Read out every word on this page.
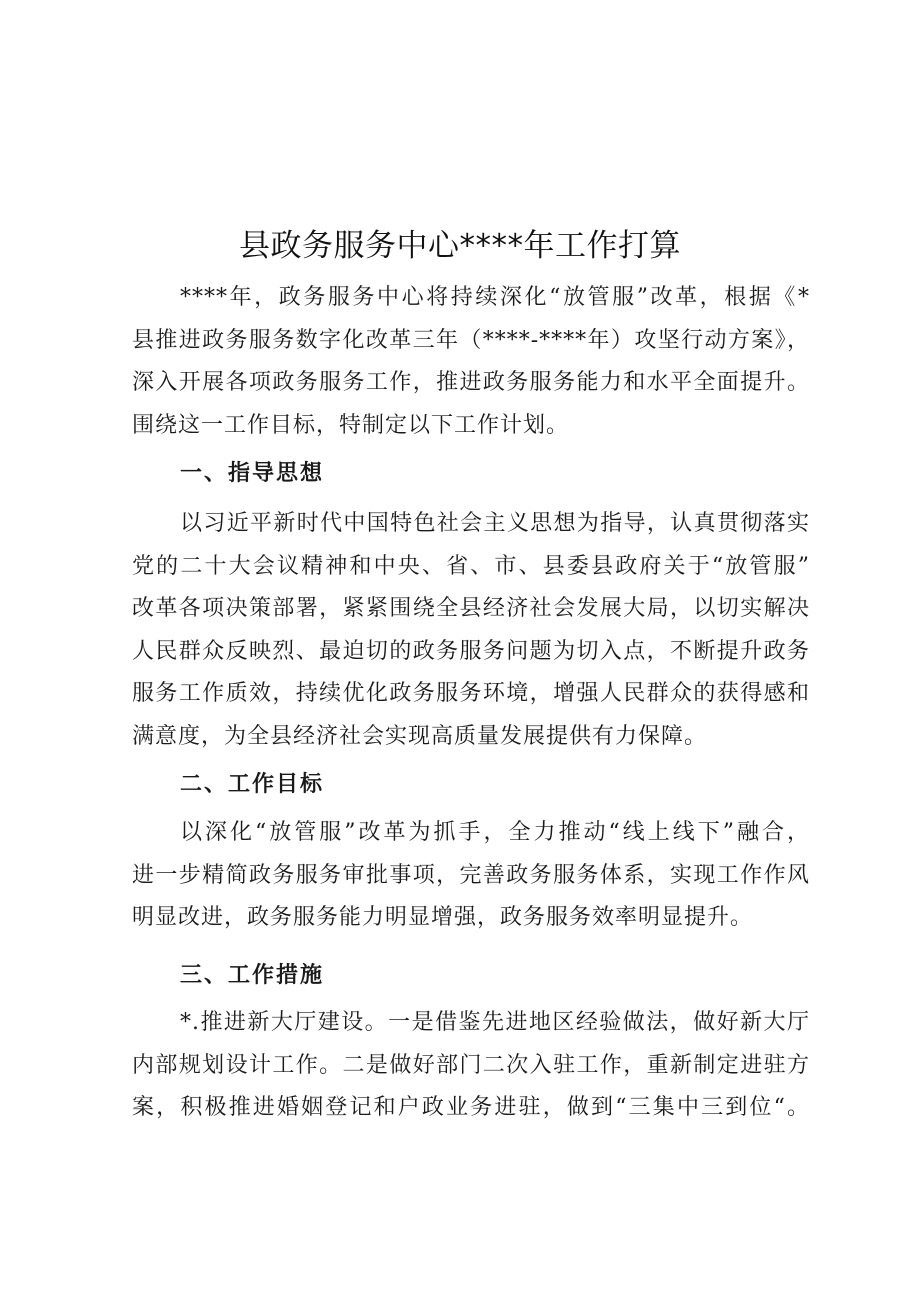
县政务服务中心****年工作打算

****年，政务服务中心将持续深化“放管服”改革，根据《*
县推进政务服务数字化改革三年（****-****年）攻坚行动方案》，
深入开展各项政务服务工作，推进政务服务能力和水平全面提升。
围绕这一工作目标，特制定以下工作计划。

一、指导思想

以习近平新时代中国特色社会主义思想为指导，认真贯彻落实
党的二十大会议精神和中央、省、市、县委县政府关于“放管服”
改革各项决策部署，紧紧围绕全县经济社会发展大局，以切实解决
人民群众反映烈、最迫切的政务服务问题为切入点，不断提升政务
服务工作质效，持续优化政务服务环境，增强人民群众的获得感和
满意度，为全县经济社会实现高质量发展提供有力保障。

二、工作目标

以深化“放管服”改革为抓手，全力推动“线上线下”融合，
进一步精简政务服务审批事项，完善政务服务体系，实现工作作风
明显改进，政务服务能力明显增强，政务服务效率明显提升。

三、工作措施

*.推进新大厅建设。一是借鉴先进地区经验做法，做好新大厅
内部规划设计工作。二是做好部门二次入驻工作，重新制定进驻方
案，积极推进婚姻登记和户政业务进驻，做到“三集中三到位“。
